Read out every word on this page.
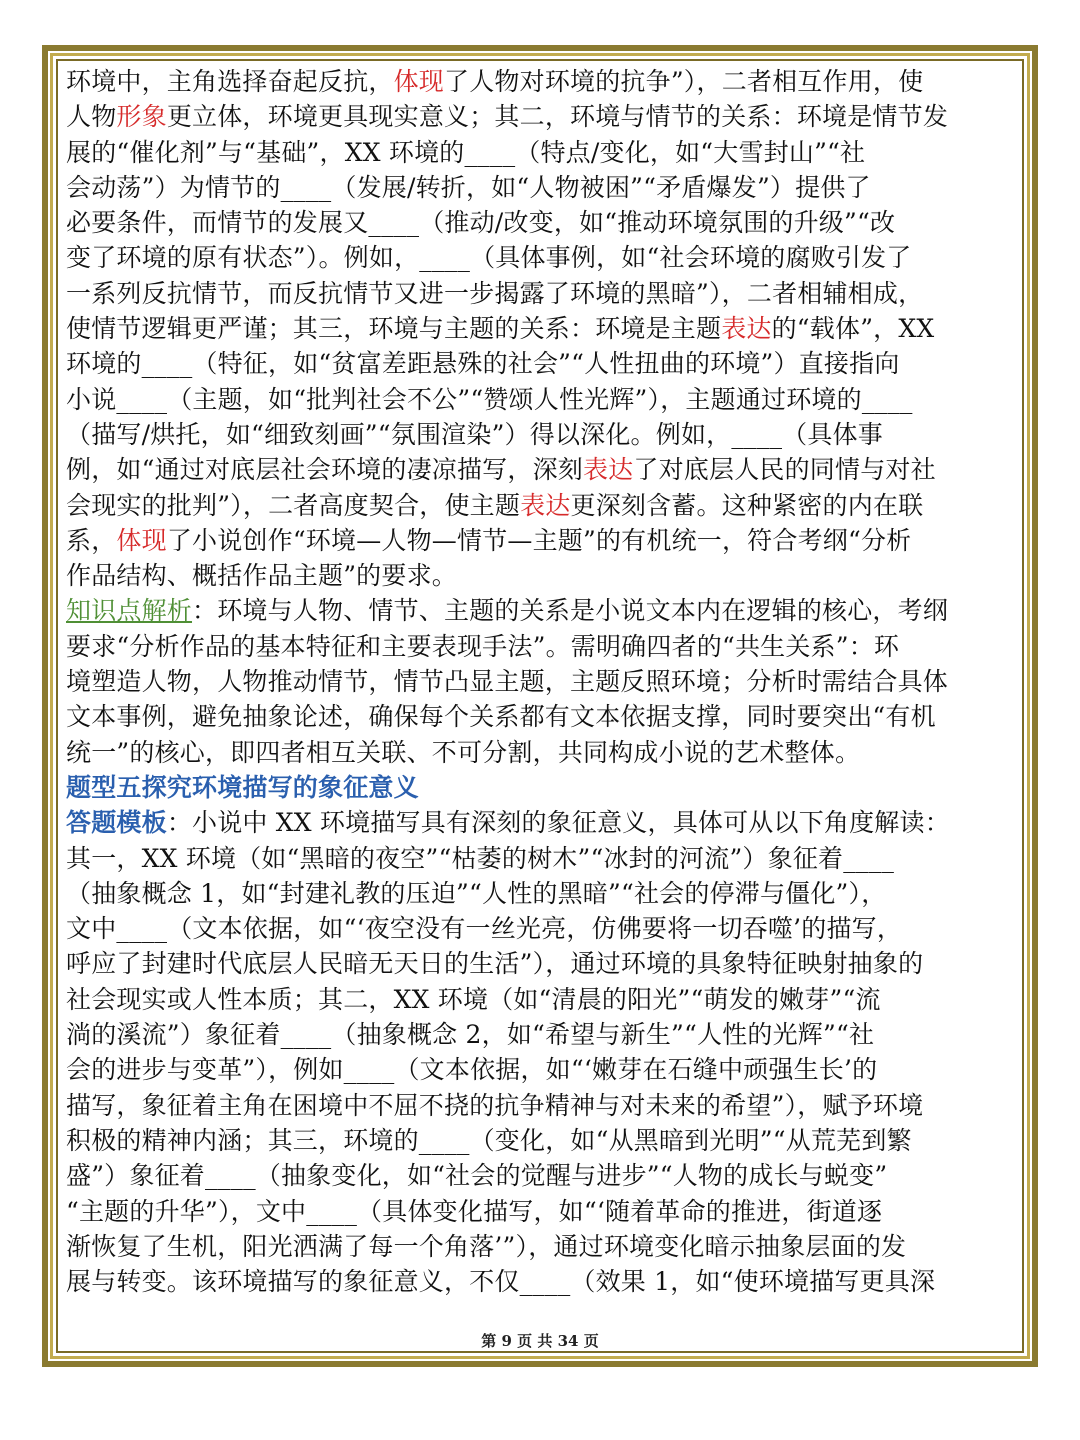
环境中，主角选择奋起反抗，体现了人物对环境的抗争”），二者相互作用，使
人物形象更立体，环境更具现实意义；其二，环境与情节的关系：环境是情节发
展的“催化剂”与“基础”，XX 环境的____（特点/变化，如“大雪封山”“社
会动荡”）为情节的____（发展/转折，如“人物被困”“矛盾爆发”）提供了
必要条件，而情节的发展又____（推动/改变，如“推动环境氛围的升级”“改
变了环境的原有状态”）。例如，____（具体事例，如“社会环境的腐败引发了
一系列反抗情节，而反抗情节又进一步揭露了环境的黑暗”），二者相辅相成，
使情节逻辑更严谨；其三，环境与主题的关系：环境是主题表达的“载体”，XX
环境的____（特征，如“贫富差距悬殊的社会”“人性扭曲的环境”）直接指向
小说____（主题，如“批判社会不公”“赞颂人性光辉”），主题通过环境的____
（描写/烘托，如“细致刻画”“氛围渲染”）得以深化。例如，____（具体事
例，如“通过对底层社会环境的凄凉描写，深刻表达了对底层人民的同情与对社
会现实的批判”），二者高度契合，使主题表达更深刻含蓄。这种紧密的内在联
系，体现了小说创作“环境—人物—情节—主题”的有机统一，符合考纲“分析
作品结构、概括作品主题”的要求。
知识点解析：环境与人物、情节、主题的关系是小说文本内在逻辑的核心，考纲
要求“分析作品的基本特征和主要表现手法”。需明确四者的“共生关系”：环
境塑造人物，人物推动情节，情节凸显主题，主题反照环境；分析时需结合具体
文本事例，避免抽象论述，确保每个关系都有文本依据支撑，同时要突出“有机
统一”的核心，即四者相互关联、不可分割，共同构成小说的艺术整体。
题型五探究环境描写的象征意义
答题模板：小说中 XX 环境描写具有深刻的象征意义，具体可从以下角度解读：
其一，XX 环境（如“黑暗的夜空”“枯萎的树木”“冰封的河流”）象征着____
（抽象概念 1，如“封建礼教的压迫”“人性的黑暗”“社会的停滞与僵化”），
文中____（文本依据，如“‘夜空没有一丝光亮，仿佛要将一切吞噬’的描写，
呼应了封建时代底层人民暗无天日的生活”），通过环境的具象特征映射抽象的
社会现实或人性本质；其二，XX 环境（如“清晨的阳光”“萌发的嫩芽”“流
淌的溪流”）象征着____（抽象概念 2，如“希望与新生”“人性的光辉”“社
会的进步与变革”），例如____（文本依据，如“‘嫩芽在石缝中顽强生长’的
描写，象征着主角在困境中不屈不挠的抗争精神与对未来的希望”），赋予环境
积极的精神内涵；其三，环境的____（变化，如“从黑暗到光明”“从荒芜到繁
盛”）象征着____（抽象变化，如“社会的觉醒与进步”“人物的成长与蜕变”
“主题的升华”），文中____（具体变化描写，如“‘随着革命的推进，街道逐
渐恢复了生机，阳光洒满了每一个角落’”），通过环境变化暗示抽象层面的发
展与转变。该环境描写的象征意义，不仅____（效果 1，如“使环境描写更具深
第 9 页 共 34 页
